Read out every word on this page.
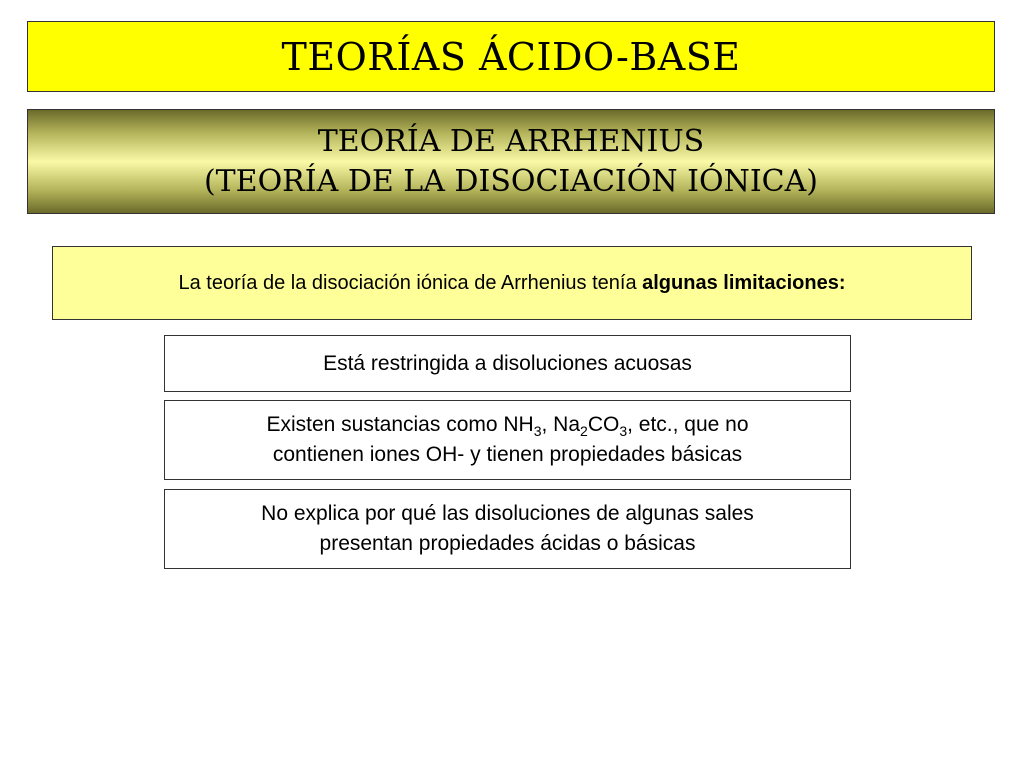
TEORÍAS ÁCIDO-BASE
TEORÍA DE ARRHENIUS
(TEORÍA DE LA DISOCIACIÓN IÓNICA)
La teoría de la disociación iónica de Arrhenius tenía algunas limitaciones:
Está restringida a disoluciones acuosas
Existen sustancias como $NH_3$, $Na_2CO_3$, etc., que no
contienen iones OH- y tienen propiedades básicas
No explica por qué las disoluciones de algunas sales
presentan propiedades ácidas o básicas
